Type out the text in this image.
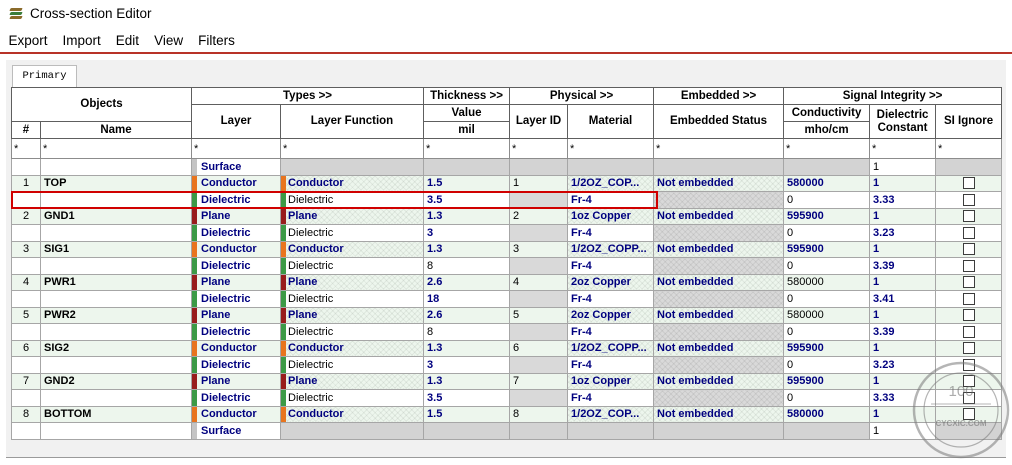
Cross-section Editor
Export	Import	Edit	View	Filters
Primary
Objects		Types >>		Thickness >>	Physical >>		Embedded >>	Signal Integrity >>		
		Layer	Layer Function	Value	Layer ID	Material	Embedded Status	Conductivity	Dielectric Constant	SI Ignore
#	Name			mil				mho/cm		
*	*	*	*	*	*	*	*	*	*	*
		Surface							1	
1	TOP	Conductor	Conductor	1.5	1	1/2OZ_COP...	Not embedded	580000	1	

		Dielectric	Dielectric	3.5		Fr-4		0	3.33	

2	GND1	Plane	Plane	1.3	2	1oz Copper	Not embedded	595900	1	

		Dielectric	Dielectric	3		Fr-4		0	3.23	

3	SIG1	Conductor	Conductor	1.3	3	1/2OZ_COPP...	Not embedded	595900	1	

		Dielectric	Dielectric	8		Fr-4		0	3.39	

4	PWR1	Plane	Plane	2.6	4	2oz Copper	Not embedded	580000	1	

		Dielectric	Dielectric	18		Fr-4		0	3.41	

5	PWR2	Plane	Plane	2.6	5	2oz Copper	Not embedded	580000	1	

		Dielectric	Dielectric	8		Fr-4		0	3.39	

6	SIG2	Conductor	Conductor	1.3	6	1/2OZ_COPP...	Not embedded	595900	1	

		Dielectric	Dielectric	3		Fr-4		0	3.23	

7	GND2	Plane	Plane	1.3	7	1oz Copper	Not embedded	595900	1	

		Dielectric	Dielectric	3.5		Fr-4		0	3.33	

8	BOTTOM	Conductor	Conductor	1.5	8	1/2OZ_COP...	Not embedded	580000	1	

		Surface							1	
100
CYCXIC.COM
